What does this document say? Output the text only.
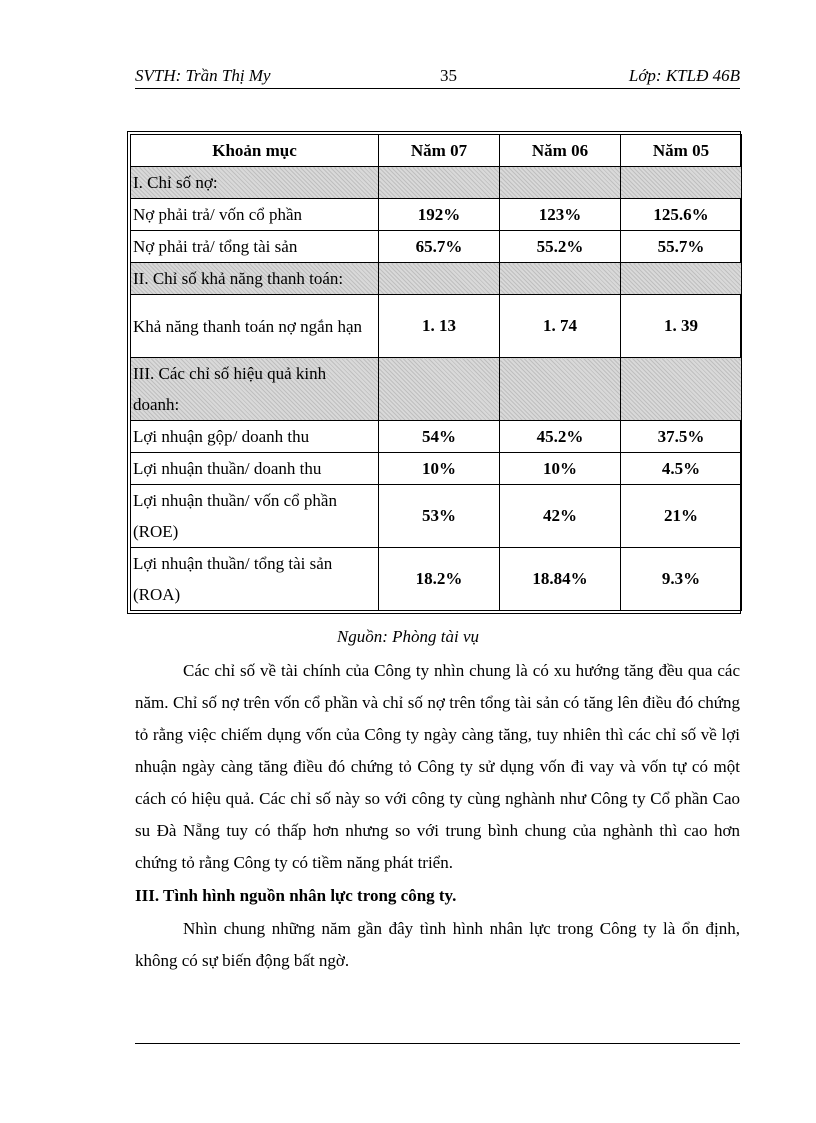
SVTH: Trần Thị My	35	Lớp: KTLĐ 46B
Khoản mục	Năm 07	Năm 06	Năm 05
I. Chỉ số nợ:			
Nợ phải trả/ vốn cổ phần	192%	123%	125.6%
Nợ phải trả/ tổng tài sản	65.7%	55.2%	55.7%
II. Chỉ số khả năng thanh toán:			
Khả năng thanh toán nợ ngắn hạn	1. 13	1. 74	1. 39
III. Các chỉ số hiệu quả kinh doanh:			
Lợi nhuận gộp/ doanh thu	54%	45.2%	37.5%
Lợi nhuận thuần/ doanh thu	10%	10%	4.5%
Lợi nhuận thuần/ vốn cổ phần (ROE)	53%	42%	21%
Lợi nhuận thuần/ tổng tài sản (ROA)	18.2%	18.84%	9.3%
Nguồn: Phòng tài vụ

Các chỉ số về tài chính của Công ty nhìn chung là có xu hướng tăng đều qua các năm. Chỉ số nợ trên vốn cổ phần và chỉ số nợ trên tổng tài sản có tăng lên điều đó chứng tỏ rằng việc chiếm dụng vốn của Công ty ngày càng tăng, tuy nhiên thì các chỉ số về lợi nhuận ngày càng tăng điều đó chứng tỏ Công ty sử dụng vốn đi vay và vốn tự có một cách có hiệu quả. Các chỉ số này so với công ty cùng nghành như Công ty Cổ phần Cao su Đà Nẵng tuy có thấp hơn nhưng so với trung bình chung của nghành thì cao hơn chứng tỏ rằng Công ty có tiềm năng phát triển.

III. Tình hình nguồn nhân lực trong công ty.

Nhìn chung những năm gần đây tình hình nhân lực trong Công ty là ổn định, không có sự biến động bất ngờ.
